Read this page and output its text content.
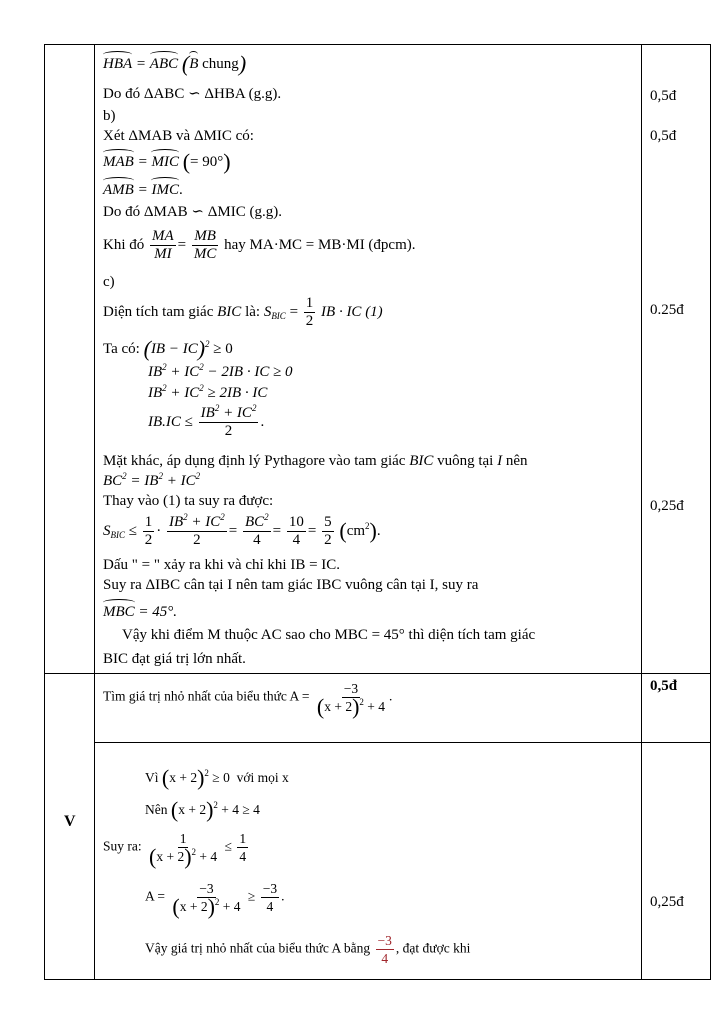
HBA = ABC (B chung)
Do đó ΔABC ∽ ΔHBA (g.g).
b)
Xét ΔMAB và ΔMIC có:
MAB = MIC (= 90°)
AMB = IMC.
Do đó ΔMAB ∽ ΔMIC (g.g).
Khi đó $\frac{MA}{MI} = \frac{MB}{MC}$ hay MA·MC = MB·MI (đpcm).
c)
Diện tích tam giác BIC là: $S_{BIC} = \frac{1}{2}$ IB · IC (1)
Ta có: (IB − IC)$^2$ ≥ 0
$IB^2 + IC^2 - 2IB$ · IC ≥ 0
$IB^2 + IC^2 \ge 2IB$ · IC
$IB.IC \le \frac{IB^2 + IC^2}{2}$ .
Mặt khác, áp dụng định lý Pythagore vào tam giác BIC vuông tại I nên
$BC^2 = IB^2 + IC^2$
Thay vào (1) ta suy ra được:
$S_{BIC} \le \frac{1}{2} \cdot \frac{IB^2 + IC^2}{2} = \frac{BC^2}{4} = \frac{10}{4} = \frac{5}{2} (cm^2)$.
Dấu " = " xảy ra khi và chỉ khi IB = IC.
Suy ra ΔIBC cân tại I nên tam giác IBC vuông cân tại I, suy ra
MBC = 45°.
Vậy khi điểm M thuộc AC sao cho MBC = 45° thì diện tích tam giác
BIC đạt giá trị lớn nhất.
0,5đ
0,5đ
0.25đ
0,25đ
V
Tìm giá trị nhỏ nhất của biểu thức $A = \frac{-3}{(x + 2)^2 + 4}$ .
0,5đ
Vì $(x + 2)^2 \ge 0$  với mọi x
Nên $(x + 2)^2 + 4 \ge 4$
Suy ra: $\frac{1}{(x + 2)^2 + 4} \le \frac{1}{4}$
$A = \frac{-3}{(x + 2)^2 + 4} \ge \frac{-3}{4}$ .
Vậy giá trị nhỏ nhất của biểu thức A bằng $\frac{-3}{4}$ , đạt được khi
0,25đ
